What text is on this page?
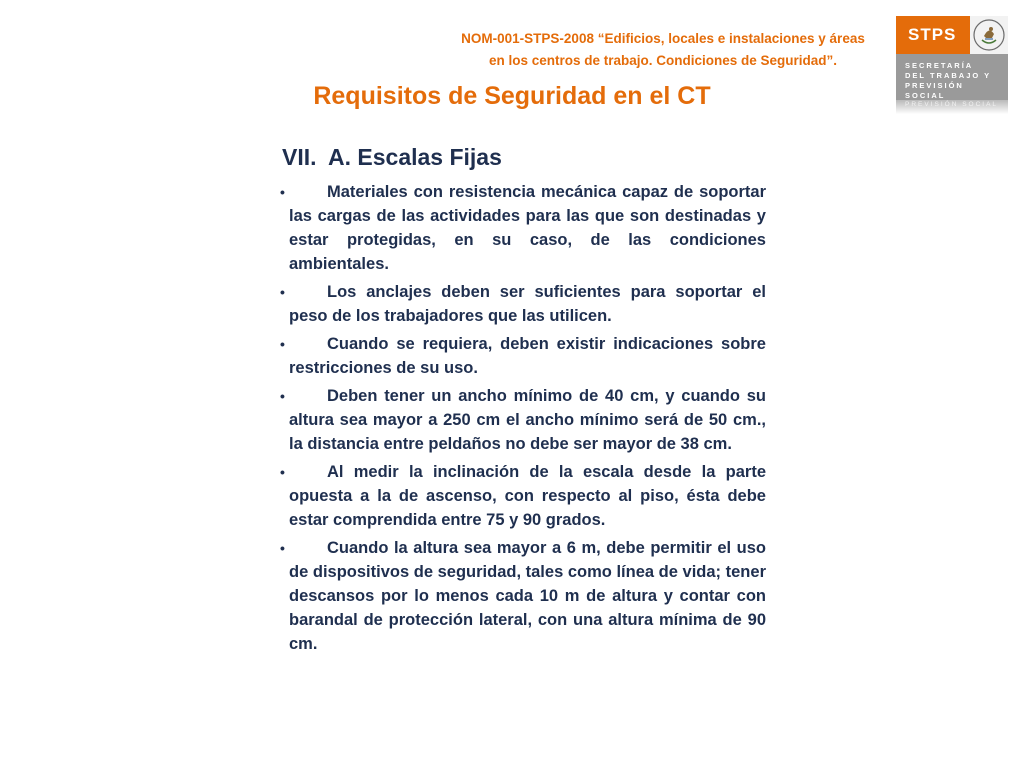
NOM-001-STPS-2008 “Edificios, locales e instalaciones y áreas
en los centros de trabajo. Condiciones de Seguridad”.
STPS
SECRETARÍA
DEL TRABAJO Y
PREVISIÓN SOCIAL
PREVISIÓN SOCIAL
Requisitos de Seguridad en el CT
VII. A. Escalas Fijas
•	Materiales con resistencia mecánica capaz de soportar las cargas de las actividades para las que son destinadas y estar protegidas, en su caso, de las condiciones ambientales.
•	Los anclajes deben ser suficientes para soportar el peso de los trabajadores que las utilicen.
•	Cuando se requiera, deben existir indicaciones sobre restricciones de su uso.
•	Deben tener un ancho mínimo de 40 cm, y cuando su altura sea mayor a 250 cm el ancho mínimo será de 50 cm., la distancia entre peldaños no debe ser mayor de 38 cm.
•	Al medir la inclinación de la escala desde la parte opuesta a la de ascenso, con respecto al piso, ésta debe estar comprendida entre 75 y 90 grados.
•	Cuando la altura sea mayor a 6 m, debe permitir el uso de dispositivos de seguridad, tales como línea de vida; tener descansos por lo menos cada 10 m de altura y contar con barandal de protección lateral, con una altura mínima de 90 cm.
